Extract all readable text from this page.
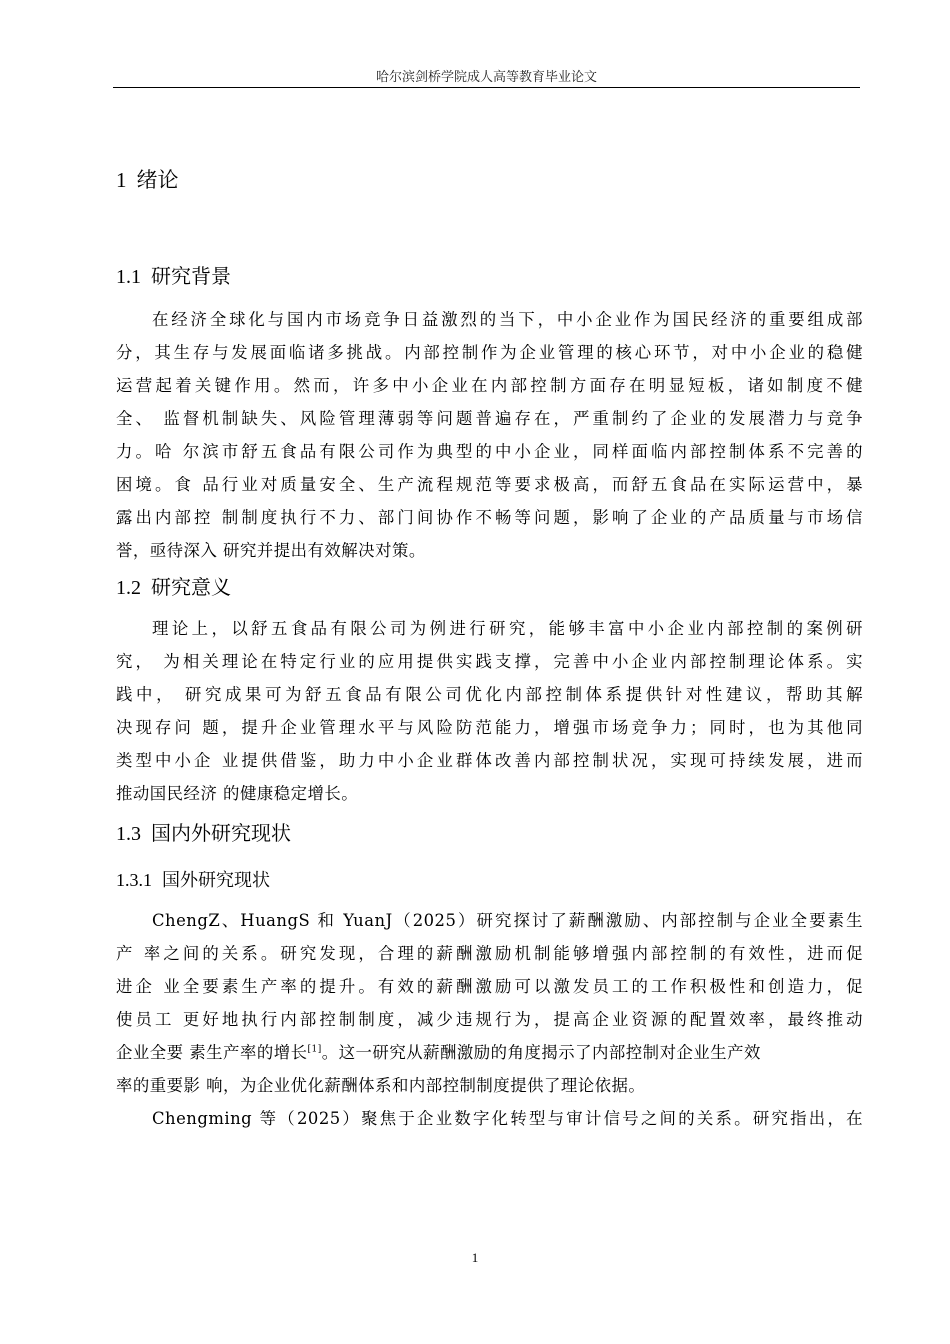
哈尔滨剑桥学院成人高等教育毕业论文
1 绪论
1.1 研究背景
在经济全球化与国内市场竞争日益激烈的当下，中小企业作为国民经济的重要组成部
分，其生存与发展面临诸多挑战。内部控制作为企业管理的核心环节，对中小企业的稳健
运营起着关键作用。然而，许多中小企业在内部控制方面存在明显短板，诸如制度不健
全、 监督机制缺失、风险管理薄弱等问题普遍存在，严重制约了企业的发展潜力与竞争
力。哈 尔滨市舒五食品有限公司作为典型的中小企业，同样面临内部控制体系不完善的
困境。食 品行业对质量安全、生产流程规范等要求极高，而舒五食品在实际运营中，暴
露出内部控 制制度执行不力、部门间协作不畅等问题，影响了企业的产品质量与市场信
誉，亟待深入 研究并提出有效解决对策。
1.2 研究意义
理论上，以舒五食品有限公司为例进行研究，能够丰富中小企业内部控制的案例研
究， 为相关理论在特定行业的应用提供实践支撑，完善中小企业内部控制理论体系。实
践中， 研究成果可为舒五食品有限公司优化内部控制体系提供针对性建议，帮助其解
决现存问 题，提升企业管理水平与风险防范能力，增强市场竞争力；同时，也为其他同
类型中小企 业提供借鉴，助力中小企业群体改善内部控制状况，实现可持续发展，进而
推动国民经济 的健康稳定增长。
1.3 国内外研究现状
1.3.1 国外研究现状
ChengZ、HuangS 和 YuanJ（2025）研究探讨了薪酬激励、内部控制与企业全要素生
产 率之间的关系。研究发现，合理的薪酬激励机制能够增强内部控制的有效性，进而促
进企 业全要素生产率的提升。有效的薪酬激励可以激发员工的工作积极性和创造力，促
使员工 更好地执行内部控制制度，减少违规行为，提高企业资源的配置效率，最终推动
企业全要 素生产率的增长[1]。这一研究从薪酬激励的角度揭示了内部控制对企业生产效
率的重要影 响，为企业优化薪酬体系和内部控制制度提供了理论依据。
Chengming 等（2025）聚焦于企业数字化转型与审计信号之间的关系。研究指出，在
1
